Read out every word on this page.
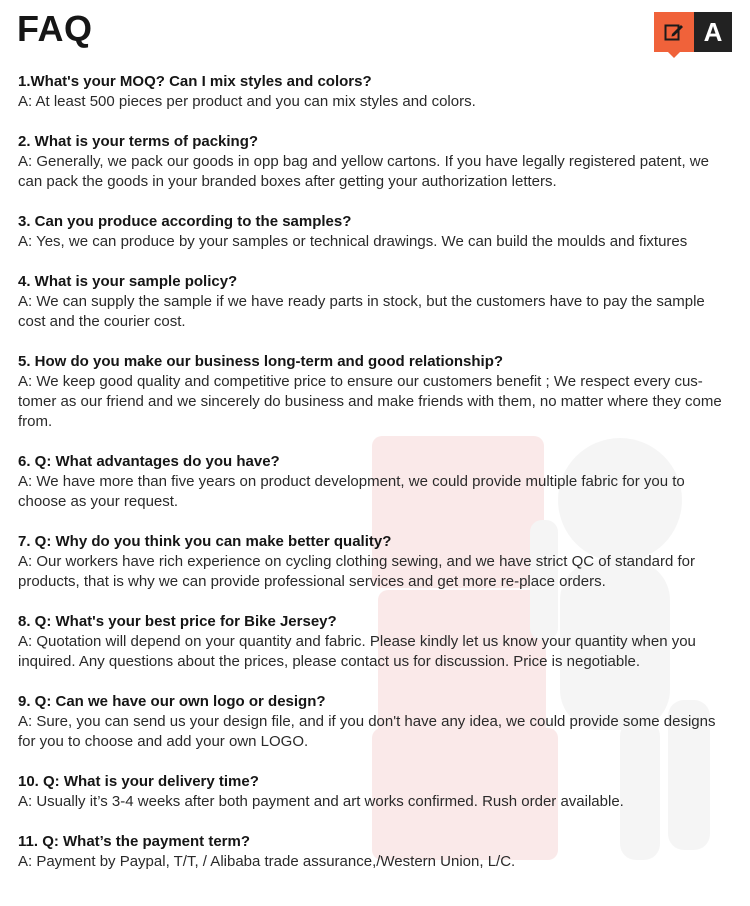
FAQ	A
1.What's your MOQ? Can I mix styles and colors?
A: At least 500 pieces per product and you can mix styles and colors.
2. What is your terms of packing?
A: Generally, we pack our goods in opp bag and yellow cartons. If you have legally registered patent, we can pack the goods in your branded boxes after getting your authorization letters.
3. Can you produce according to the samples?
A: Yes, we can produce by your samples or technical drawings. We can build the moulds and fixtures
4. What is your sample policy?
A: We can supply the sample if we have ready parts in stock, but the customers have to pay the sample cost and the courier cost.
5. How do you make our business long-term and good relationship?
A: We keep good quality and competitive price to ensure our customers benefit ; We respect every cus-tomer as our friend and we sincerely do business and make friends with them, no matter where they come from.
6. Q: What advantages do you have?
A: We have more than five years on product development, we could provide multiple fabric for you to choose as your request.
7. Q: Why do you think you can make better quality?
A: Our workers have rich experience on cycling clothing sewing, and we have strict QC of standard for products, that is why we can provide professional services and get more re-place orders.
8. Q: What's your best price for Bike Jersey?
A: Quotation will depend on your quantity and fabric. Please kindly let us know your quantity when you inquired. Any questions about the prices, please contact us for discussion. Price is negotiable.
9. Q: Can we have our own logo or design?
A: Sure, you can send us your design file, and if you don't have any idea, we could provide some designs for you to choose and add your own LOGO.
10. Q: What is your delivery time?
A: Usually it’s 3-4 weeks after both payment and art works confirmed. Rush order available.
11. Q: What’s the payment term?
A: Payment by Paypal, T/T, / Alibaba trade assurance,/Western Union, L/C.
